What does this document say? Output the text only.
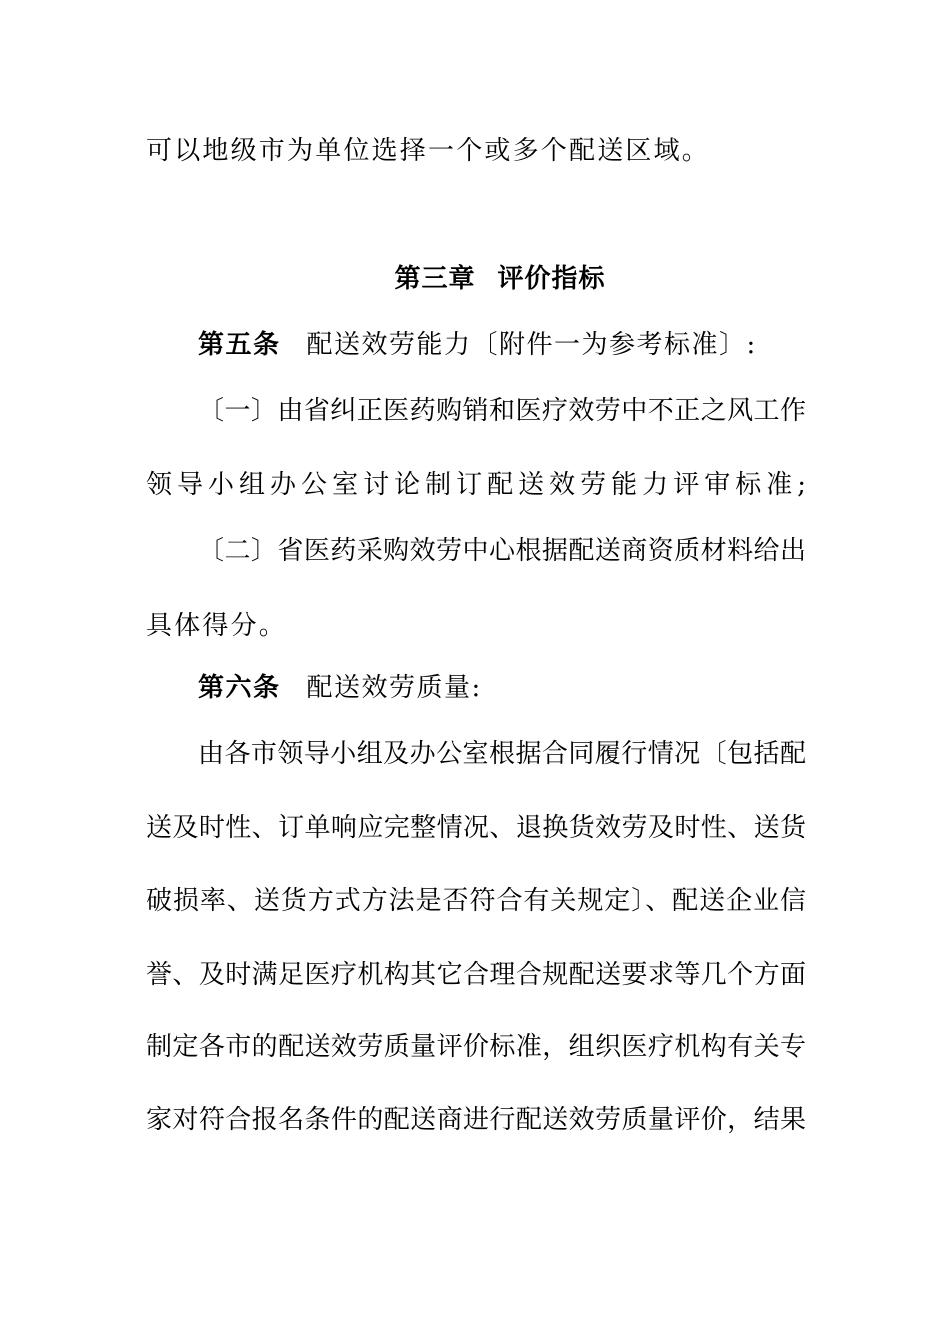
可以地级市为单位选择一个或多个配送区域。
第三章 评价指标
第五条 配送效劳能力〔附件一为参考标准〕:
〔一〕由省纠正医药购销和医疗效劳中不正之风工作
领导小组办公室讨论制订配送效劳能力评审标准;
〔二〕省医药采购效劳中心根据配送商资质材料给出
具体得分。
第六条 配送效劳质量:
由各市领导小组及办公室根据合同履行情况〔包括配
送及时性、订单响应完整情况、退换货效劳及时性、送货
破损率、送货方式方法是否符合有关规定〕、配送企业信
誉、及时满足医疗机构其它合理合规配送要求等几个方面
制定各市的配送效劳质量评价标准，组织医疗机构有关专
家对符合报名条件的配送商进行配送效劳质量评价，结果
